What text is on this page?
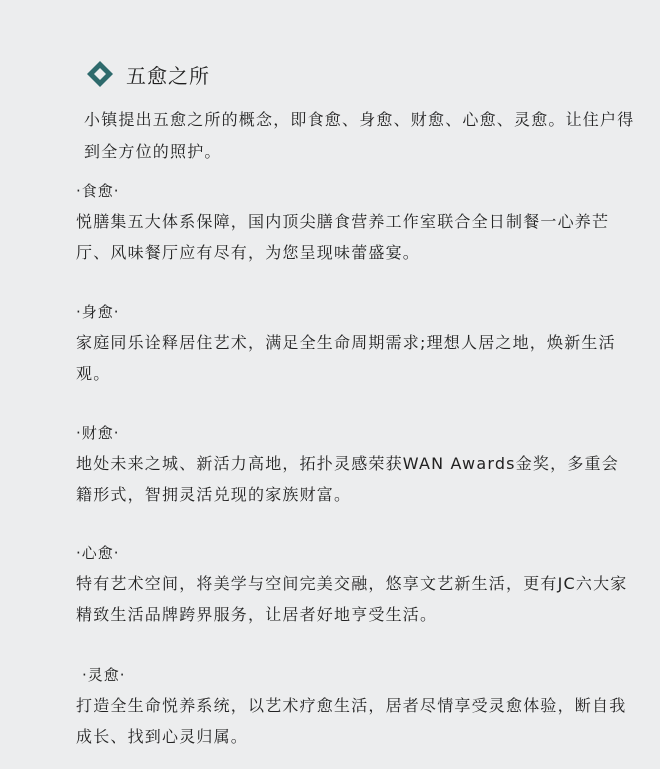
五愈之所
小镇提出五愈之所的概念，即食愈、身愈、财愈、心愈、灵愈。让住户得到全方位的照护。
·食愈·
悦膳集五大体系保障，国内顶尖膳食营养工作室联合全日制餐一心养芒厅、风味餐厅应有尽有，为您呈现味蕾盛宴。
·身愈·
家庭同乐诠释居住艺术，满足全生命周期需求;理想人居之地，焕新生活观。
·财愈·
地处未来之城、新活力高地，拓扑灵感荣获WAN Awards金奖，多重会籍形式，智拥灵活兑现的家族财富。
·心愈·
特有艺术空间，将美学与空间完美交融，悠享文艺新生活，更有JC六大家精致生活品牌跨界服务，让居者好地亨受生活。
·灵愈·
打造全生命悦养系统，以艺术疗愈生活，居者尽情享受灵愈体验，断自我成长、找到心灵归属。
